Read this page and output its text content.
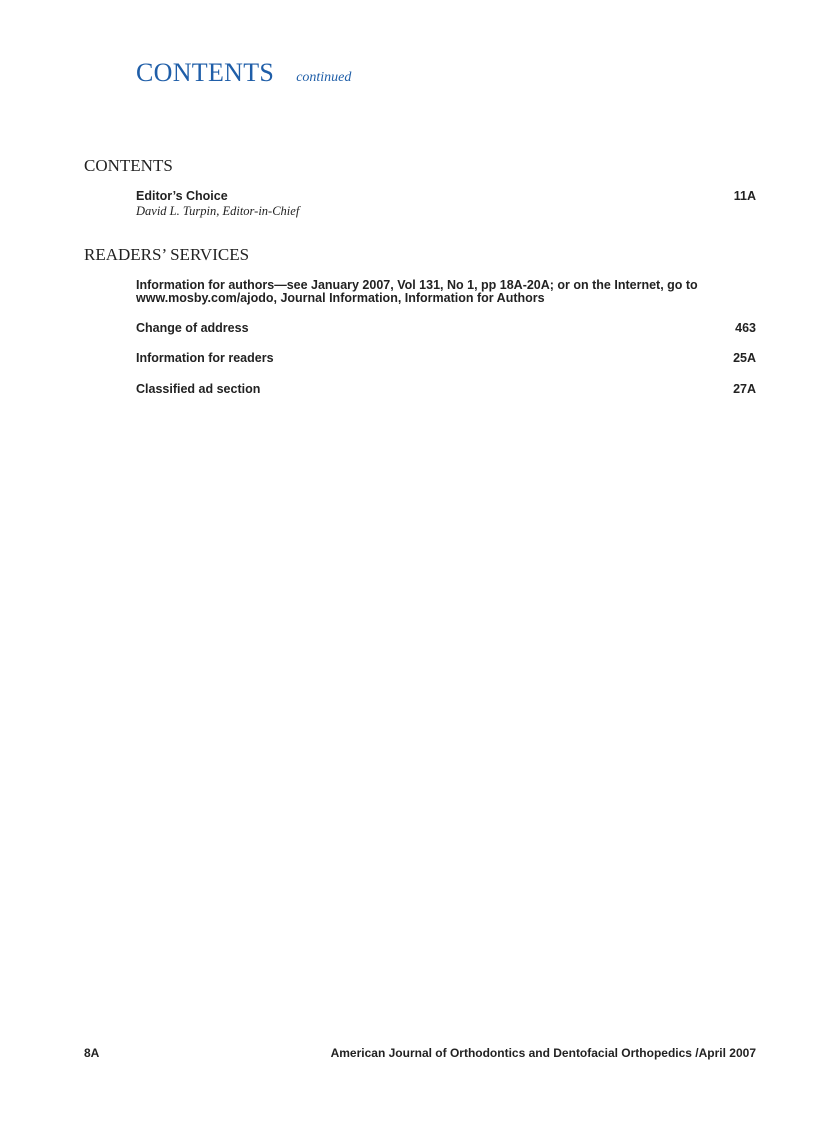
CONTENTS continued
CONTENTS
Editor’s Choice	11A
David L. Turpin, Editor-in-Chief
READERS’ SERVICES
Information for authors—see January 2007, Vol 131, No 1, pp 18A-20A; or on the Internet, go to www.mosby.com/ajodo, Journal Information, Information for Authors
Change of address	463
Information for readers	25A
Classified ad section	27A
8A	American Journal of Orthodontics and Dentofacial Orthopedics /April 2007
